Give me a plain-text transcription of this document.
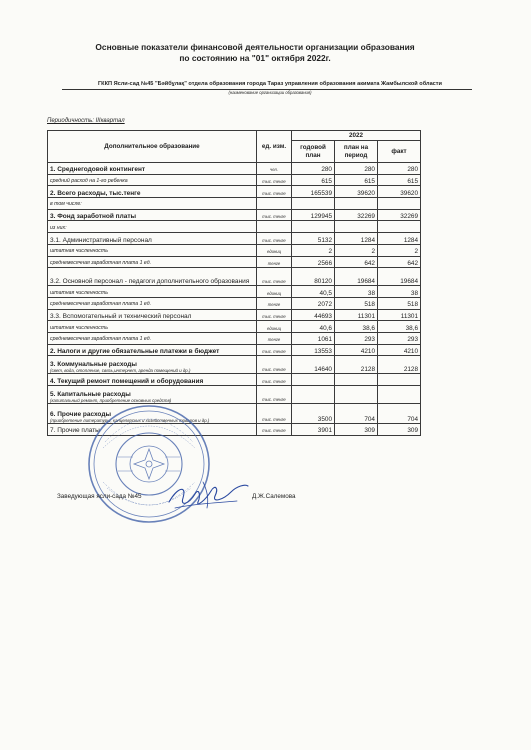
Основные показатели финансовой деятельности организации образования
по состоянию на "01" октября 2022г.
ГККП Ясли-сад №45 "Бәйбұлақ" отдела образования города Тараз управления образования акимата Жамбылской области
(наименование организации образования)
Периодичность: IIIквартал
Дополнительное образование	ед. изм.	2022		
		годовой план	план на период	факт
1. Среднегодовой контингент	чел.	280	280	280
средний расход на 1-го ребенка	тыс. тенге	615	615	615
2. Всего расходы, тыс.тенге	тыс. тенге	165539	39620	39620
в том числе:				
3. Фонд заработной платы	тыс. тенге	129945	32269	32269
из них:				
3.1. Административный персонал	тыс. тенге	5132	1284	1284
штатная численность	единиц	2	2	2
среднемесячная заработная плата 1 ед.	тенге	2566	642	642
3.2. Основной персонал - педагоги дополнительного образования	тыс. тенге	80120	19684	19684
штатная численность	единиц	40,5	38	38
среднемесячная заработная плата 1 ед.	тенге	2072	518	518
3.3. Вспомогательный и технический персонал	тыс. тенге	44693	11301	11301
штатная численность	единиц	40,6	38,6	38,6
среднемесячная заработная плата 1 ед.	тенге	1061	293	293
2. Налоги и другие обязательные платежи в бюджет	тыс. тенге	13553	4210	4210
3. Коммунальные расходы
(свет, вода, отопление, связь,интернет, аренда помещений и др.)	тыс. тенге	14640	2128	2128
4. Текущий ремонт помещений и оборудования	тыс. тенге			
5. Капитальные расходы
(капитальный ремонт, приобретение основных средств)	тыс. тенге			
6. Прочие расходы
(приобретение литературы, канцелярских и хозяйственных товаров и др.)	тыс. тенге	3500	704	704
7. Прочие платы	тыс. тенге	3901	309	309
Заведующая ясли-сада №45	Д.Ж.Салемова
